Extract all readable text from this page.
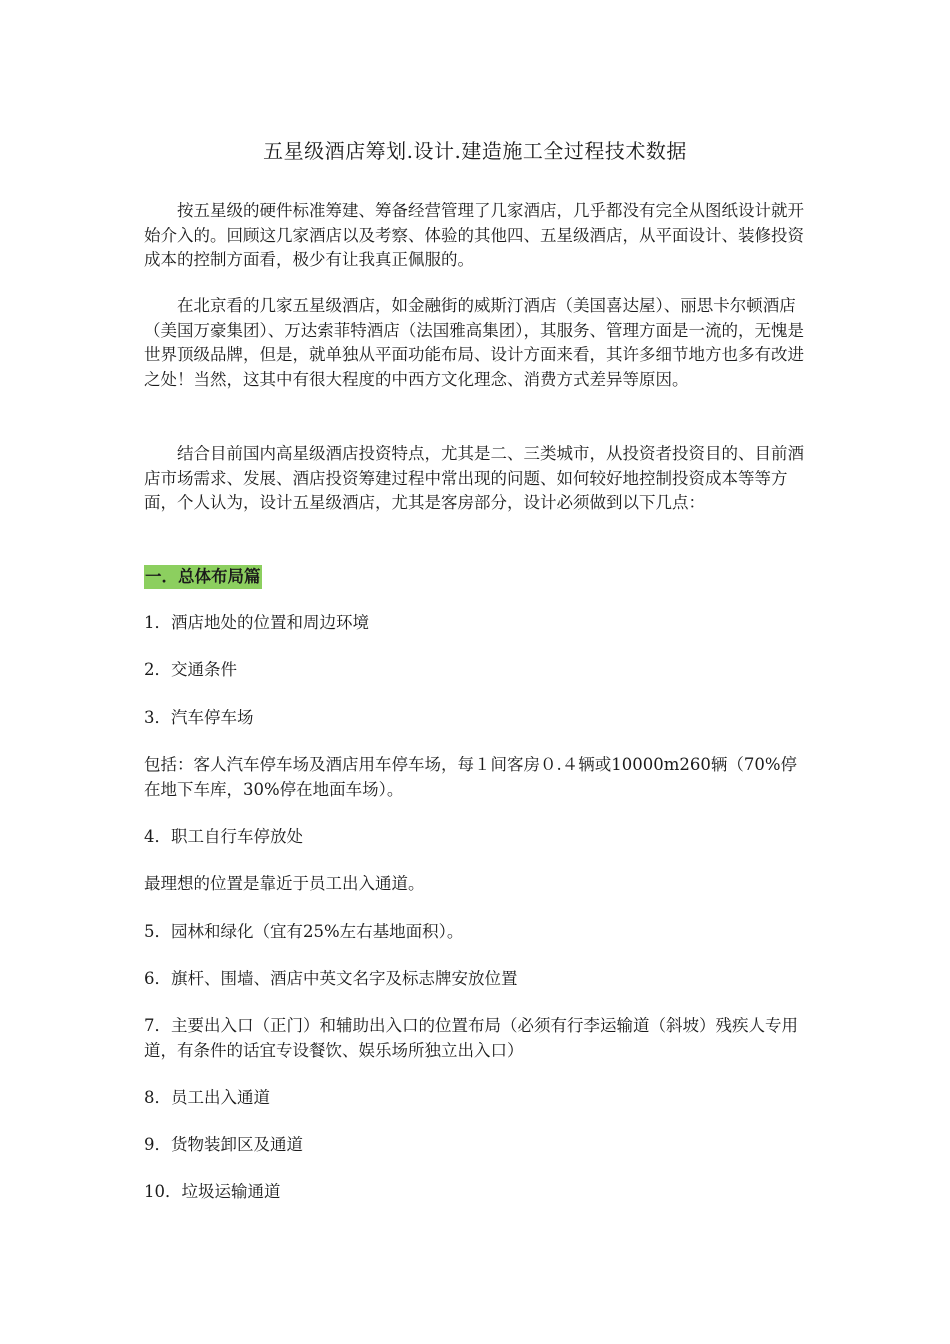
五星级酒店筹划.设计.建造施工全过程技术数据

按五星级的硬件标准筹建、筹备经营管理了几家酒店，几乎都没有完全从图纸设计就开始介入的。回顾这几家酒店以及考察、体验的其他四、五星级酒店，从平面设计、装修投资成本的控制方面看，极少有让我真正佩服的。

在北京看的几家五星级酒店，如金融街的威斯汀酒店（美国喜达屋）、丽思卡尔顿酒店（美国万豪集团）、万达索菲特酒店（法国雅高集团），其服务、管理方面是一流的，无愧是世界顶级品牌，但是，就单独从平面功能布局、设计方面来看，其许多细节地方也多有改进之处！当然，这其中有很大程度的中西方文化理念、消费方式差异等原因。

结合目前国内高星级酒店投资特点，尤其是二、三类城市，从投资者投资目的、目前酒店市场需求、发展、酒店投资筹建过程中常出现的问题、如何较好地控制投资成本等等方面，个人认为，设计五星级酒店，尤其是客房部分，设计必须做到以下几点：

一．总体布局篇

1．酒店地处的位置和周边环境

2．交通条件

3．汽车停车场

包括：客人汽车停车场及酒店用车停车场，每１间客房０.４辆或10000m260辆（70%停在地下车库，30%停在地面车场）。

4．职工自行车停放处

最理想的位置是靠近于员工出入通道。

5．园林和绿化（宜有25%左右基地面积）。

6．旗杆、围墙、酒店中英文名字及标志牌安放位置

7．主要出入口（正门）和辅助出入口的位置布局（必须有行李运输道（斜坡）残疾人专用道，有条件的话宜专设餐饮、娱乐场所独立出入口）

8．员工出入通道

9．货物装卸区及通道

10．垃圾运输通道
